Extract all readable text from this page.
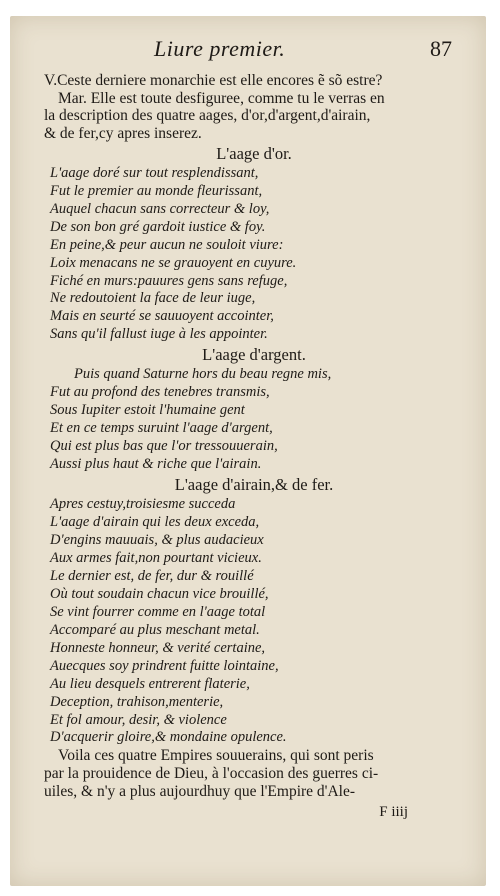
Liure premier.	87
V.Ceste derniere monarchie est elle encores ẽ sõ estre?
Mar. Elle est toute desfiguree, comme tu le verras en
la description des quatre aages, d'or,d'argent,d'airain,
& de fer,cy apres inserez.
L'aage d'or.
L'aage doré sur tout resplendissant,
Fut le premier au monde fleurissant,
Auquel chacun sans correcteur & loy,
De son bon gré gardoit iustice & foy.
En peine,& peur aucun ne souloit viure:
Loix menacans ne se grauoyent en cuyure.
Fiché en murs:pauures gens sans refuge,
Ne redoutoient la face de leur iuge,
Mais en seurté se sauuoyent accointer,
Sans qu'il fallust iuge à les appointer.
L'aage d'argent.
Puis quand Saturne hors du beau regne mis,
Fut au profond des tenebres transmis,
Sous Iupiter estoit l'humaine gent
Et en ce temps suruint l'aage d'argent,
Qui est plus bas que l'or tressouuerain,
Aussi plus haut & riche que l'airain.
L'aage d'airain,& de fer.
Apres cestuy,troisiesme succeda
L'aage d'airain qui les deux exceda,
D'engins mauuais, & plus audacieux
Aux armes fait,non pourtant vicieux.
Le dernier est, de fer, dur & rouillé
Où tout soudain chacun vice brouillé,
Se vint fourrer comme en l'aage total
Accomparé au plus meschant metal.
Honneste honneur, & verité certaine,
Auecques soy prindrent fuitte lointaine,
Au lieu desquels entrerent flaterie,
Deception, trahison,menterie,
Et fol amour, desir, & violence
D'acquerir gloire,& mondaine opulence.
Voila ces quatre Empires souuerains, qui sont peris
par la prouidence de Dieu, à l'occasion des guerres ci-
uiles, & n'y a plus aujourdhuy que l'Empire d'Ale-
F iiij
